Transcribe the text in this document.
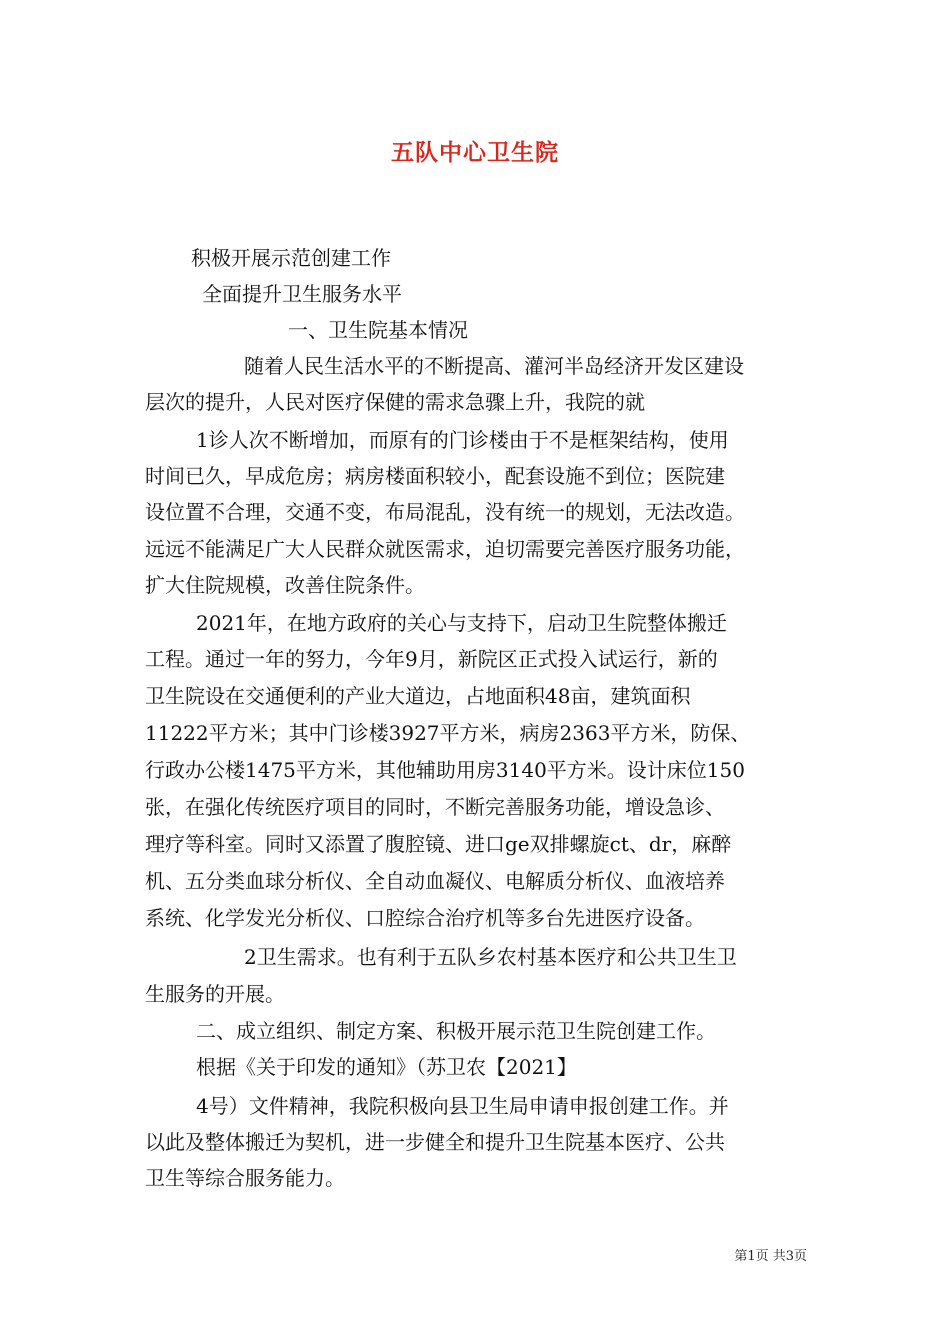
五队中心卫生院

积极开展示范创建工作

全面提升卫生服务水平

一、卫生院基本情况

随着人民生活水平的不断提高、灌河半岛经济开发区建设

层次的提升，人民对医疗保健的需求急骤上升，我院的就

1诊人次不断增加，而原有的门诊楼由于不是框架结构，使用

时间已久，早成危房；病房楼面积较小，配套设施不到位；医院建

设位置不合理，交通不变，布局混乱，没有统一的规划，无法改造。

远远不能满足广大人民群众就医需求，迫切需要完善医疗服务功能，

扩大住院规模，改善住院条件。

2021年，在地方政府的关心与支持下，启动卫生院整体搬迁

工程。通过一年的努力，今年9月，新院区正式投入试运行，新的

卫生院设在交通便利的产业大道边，占地面积48亩，建筑面积

11222平方米；其中门诊楼3927平方米，病房2363平方米，防保、

行政办公楼1475平方米，其他辅助用房3140平方米。设计床位150

张，在强化传统医疗项目的同时，不断完善服务功能，增设急诊、

理疗等科室。同时又添置了腹腔镜、进口ge双排螺旋ct、dr，麻醉

机、五分类血球分析仪、全自动血凝仪、电解质分析仪、血液培养

系统、化学发光分析仪、口腔综合治疗机等多台先进医疗设备。

2卫生需求。也有利于五队乡农村基本医疗和公共卫生卫

生服务的开展。

二、成立组织、制定方案、积极开展示范卫生院创建工作。

根据《关于印发的通知》（苏卫农【2021】

4号）文件精神，我院积极向县卫生局申请申报创建工作。并

以此及整体搬迁为契机，进一步健全和提升卫生院基本医疗、公共

卫生等综合服务能力。

第1页 共3页
